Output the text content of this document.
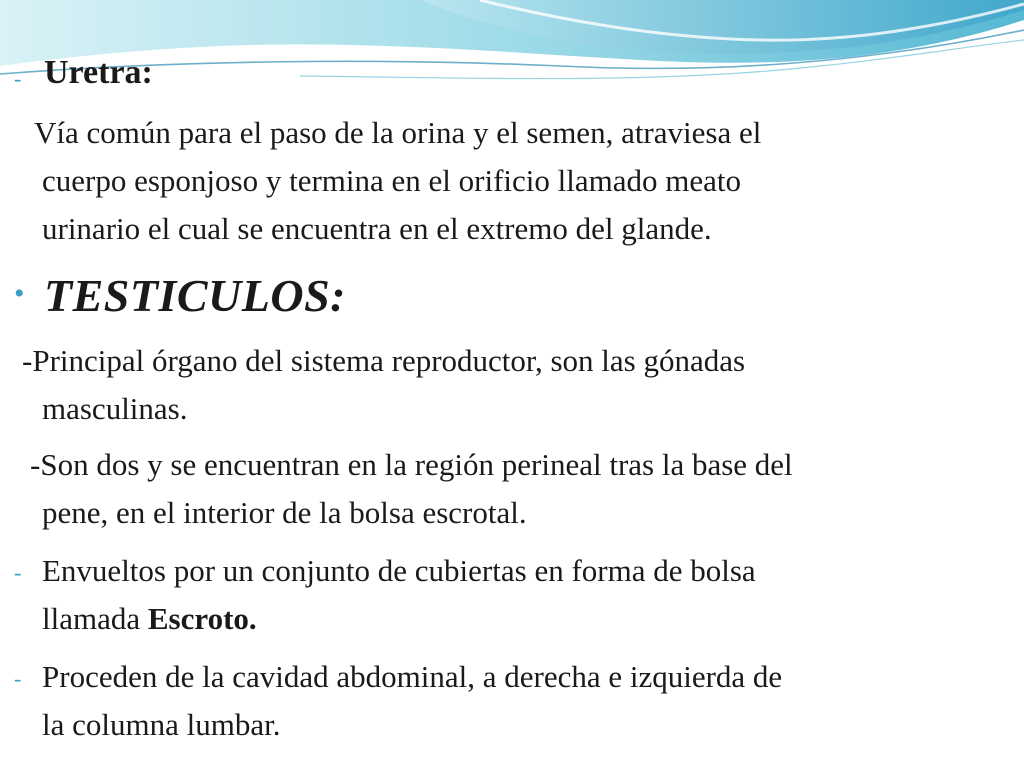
- Uretra:

Vía común para el paso de la orina y el semen, atraviesa el

cuerpo esponjoso y termina en el orificio llamado meato

urinario el cual se encuentra en el extremo del glande.

• TESTICULOS:

-Principal órgano del sistema reproductor, son las gónadas

masculinas.

-Son dos y se encuentran en la región perineal tras la base del

pene, en el interior de la bolsa escrotal.

- Envueltos por un conjunto de cubiertas en forma de bolsa

llamada Escroto.

- Proceden de la cavidad abdominal, a derecha e izquierda de

la columna lumbar.
